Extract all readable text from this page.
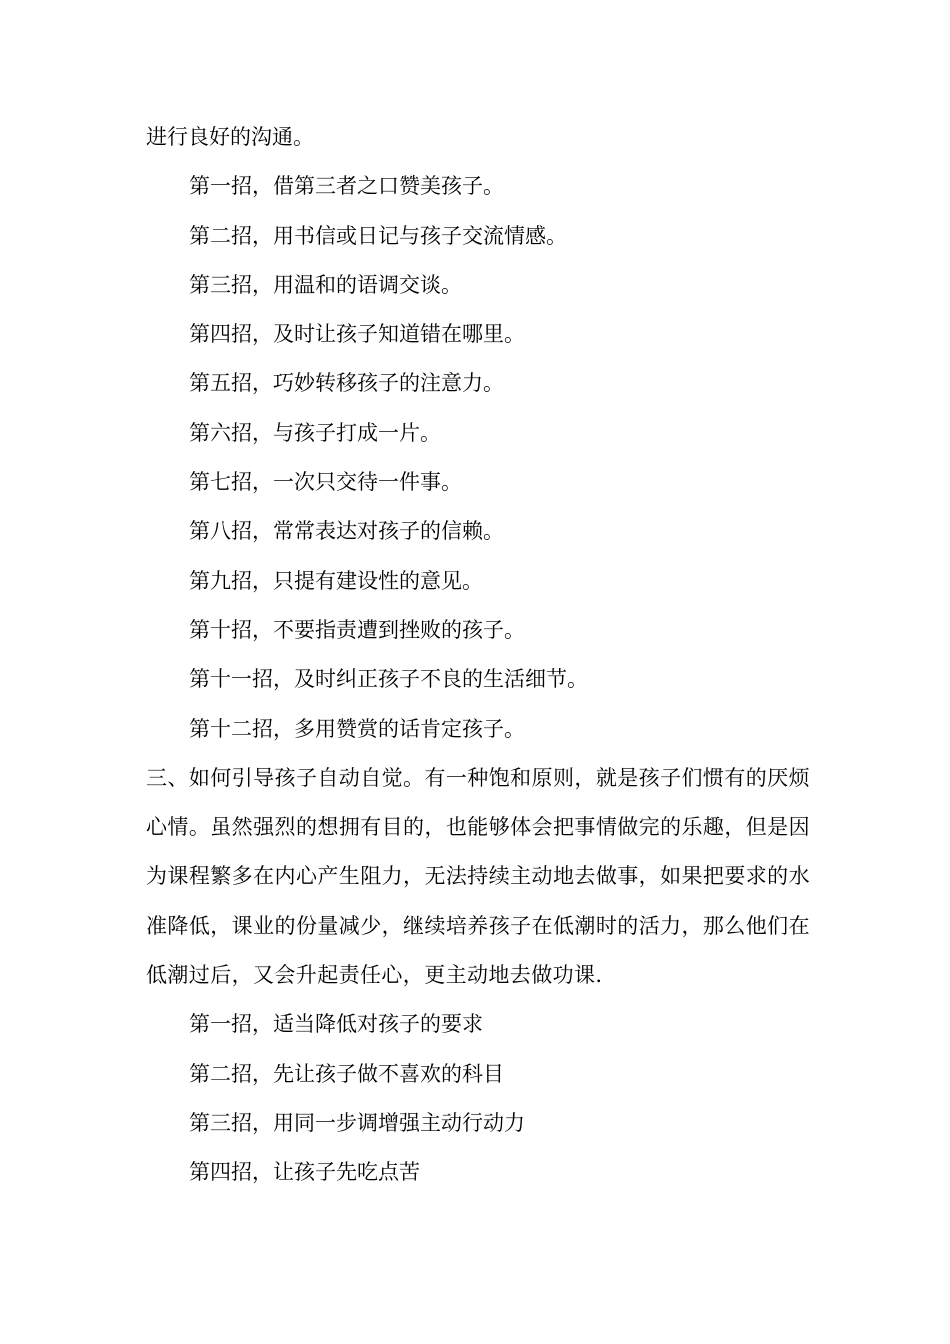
进行良好的沟通。

第一招，借第三者之口赞美孩子。

第二招，用书信或日记与孩子交流情感。

第三招，用温和的语调交谈。

第四招，及时让孩子知道错在哪里。

第五招，巧妙转移孩子的注意力。

第六招，与孩子打成一片。

第七招，一次只交待一件事。

第八招，常常表达对孩子的信赖。

第九招，只提有建设性的意见。

第十招，不要指责遭到挫败的孩子。

第十一招，及时纠正孩子不良的生活细节。

第十二招，多用赞赏的话肯定孩子。

三、如何引导孩子自动自觉。有一种饱和原则，就是孩子们惯有的厌烦心情。虽然强烈的想拥有目的，也能够体会把事情做完的乐趣，但是因为课程繁多在内心产生阻力，无法持续主动地去做事，如果把要求的水准降低，课业的份量减少，继续培养孩子在低潮时的活力，那么他们在低潮过后，又会升起责任心，更主动地去做功课.

第一招，适当降低对孩子的要求

第二招，先让孩子做不喜欢的科目

第三招，用同一步调增强主动行动力

第四招，让孩子先吃点苦
